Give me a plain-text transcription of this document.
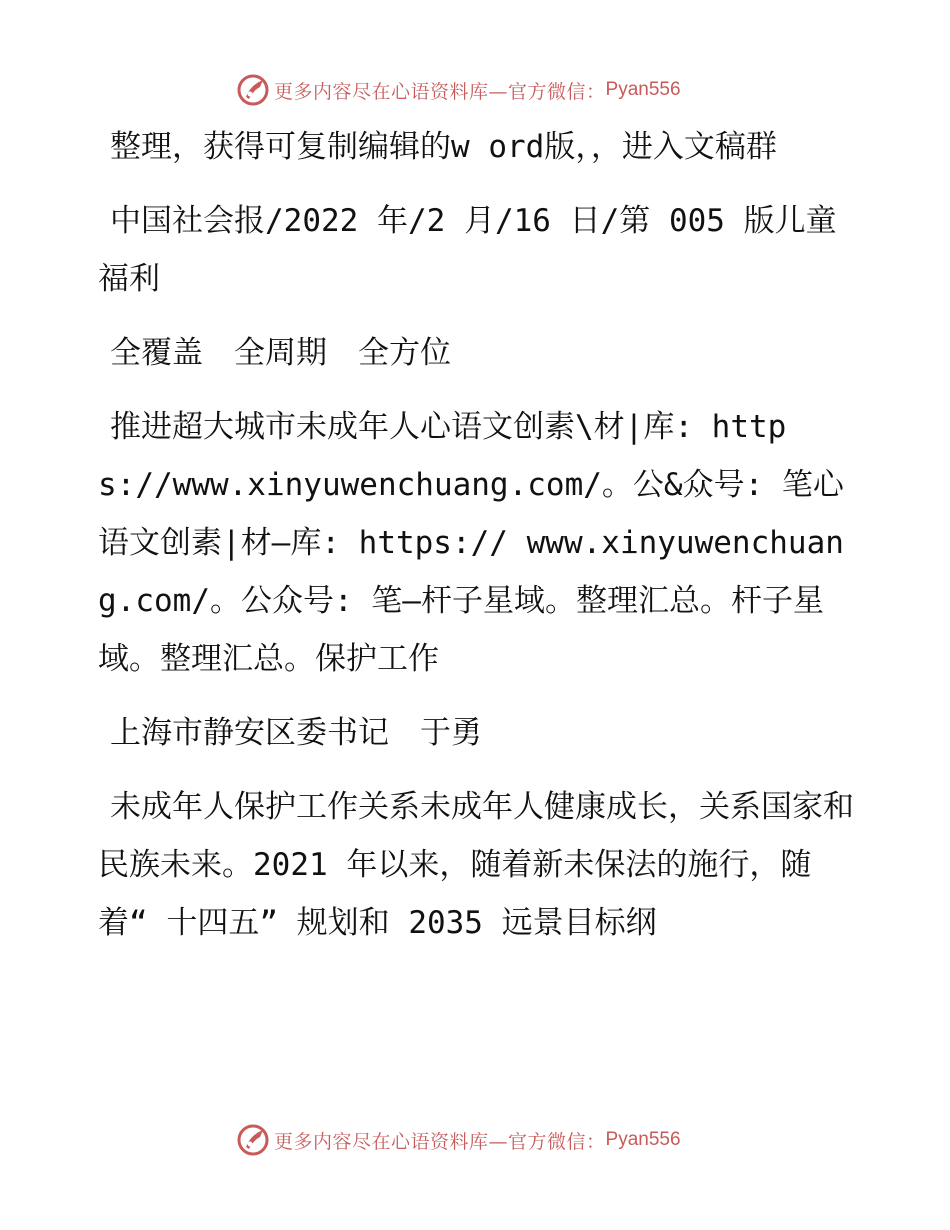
更多内容尽在心语资料库—官方微信： Pyan556

整理，获得可复制编辑的w ord版，，进入文稿群

中国社会报/2022 年/2 月/16 日/第 005 版儿童福利

全覆盖　全周期　全方位

推进超大城市未成年人心语文创素\材|库: https://www.xinyuwenchuang.com/。公&众号: 笔心语文创素|材—库: https:// www.xinyuwenchuang.com/。公众号: 笔—杆子星域。整理汇总。杆子星域。整理汇总。保护工作

上海市静安区委书记　于勇

未成年人保护工作关系未成年人健康成长，关系国家和民族未来。2021 年以来，随着新未保法的施行，随着“ 十四五” 规划和 2035 远景目标纲

更多内容尽在心语资料库—官方微信： Pyan556
